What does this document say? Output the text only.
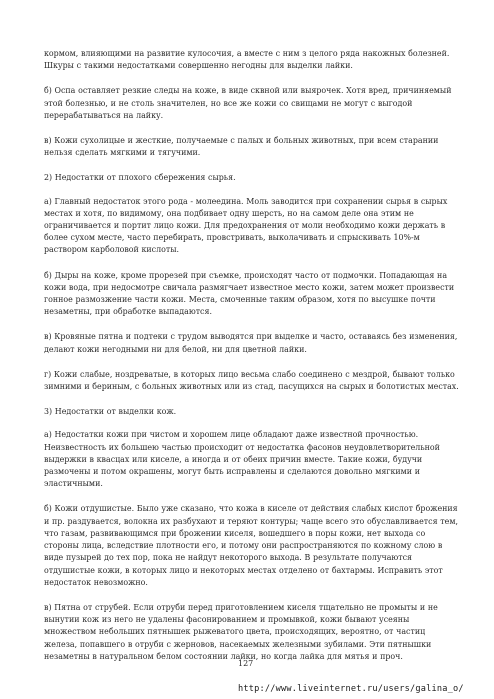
кормом, влияющими на развитие кулосочия, а вместе с ним з целого ряда накожных болезней. Шкуры с такими недостатками совершенно негодны для выделки лайки.

б) Оспа оставляет резкие следы на коже, в виде сквной или выярочек. Хотя вред, причиняемый этой болезнью, и не столь значителен, но все же кожи со свищами не могут с выгодой перерабатываться на лайку.

в) Кожи сухолицые и жесткие, получаемые с палых и больных животных, при всем старании нельзя сделать мягкими и тягучими.

2) Недостатки от плохого сбережения сырья.

а) Главный недостаток этого рода - молеедина. Моль заводится при сохранении сырья в сырых местах и хотя, по видимому, она подбивает одну шерсть, но на самом деле она этим не ограничивается и портит лицо кожи. Для предохранения от моли необходимо кожи держать в более сухом месте, часто перебирать, провстривать, выколачивать и спрыскивать 10%-м раствором карболовой кислоты.

б) Дыры на коже, кроме прорезей при съемке, происходят часто от подмочки. Попадающая на кожи вода, при недосмотре свичала размягчает известное место кожи, затем может произвести гонное размозжение части кожи. Места, смоченные таким образом, хотя по высушке почти незаметны, при обработке выпадаются.

в) Кровяные пятна и подтеки с трудом выводятся при выделке и часто, оставаясь без изменения, делают кожи негодными ни для белой, ни для цветной лайки.

г) Кожи слабые, ноздреватые, в которых лицо весьма слабо соединено с мездрой, бывают только зимними и бериным, с больных животных или из стад, пасущихся на сырых и болотистых местах.

3) Недостатки от выделки кож.

а) Недостатки кожи при чистом и хорошем лице обладают даже известной прочностью. Неизвестность их большею частью происходит от недостатка фасонов неудовлетворительной выдержки в квасцах или киселе, а иногда и от обеих причин вместе. Такие кожи, будучи размочены и потом окрашены, могут быть исправлены и сделаются довольно мягкими и эластичными.

б) Кожи отдушистые. Было уже сказано, что кожа в киселе от действия слабых кислот брожения и пр. раздувается, волокна их разбухают и теряют контуры; чаще всего это обуславливается тем, что газам, развивающимся при брожении киселя, вошедшего в поры кожи, нет выхода со стороны лица, вследствие плотности его, и потому они распространяются по кожному слою в виде пузырей до тех пор, пока не найдут некоторого выхода. В результате получаются отдушистые кожи, в которых лицо и некоторых местах отделено от бахтармы. Исправить этот недостаток невозможно.

в) Пятна от струбей. Если отруби перед приготовлением киселя тщательно не промыты и не вынутии кож из него не удалены фасонированием и промывкой, кожи бывают усеяны множеством небольших пятнышек рыжеватого цвета, происходящих, вероятно, от частиц железа, попавшего в отруби с жерновов, насекаемых железными зубилами. Эти пятнышки незаметны в натуральном белом состоянии лайки, но когда лайка для мятья и проч.

127
http://www.liveinternet.ru/users/galina_o/
